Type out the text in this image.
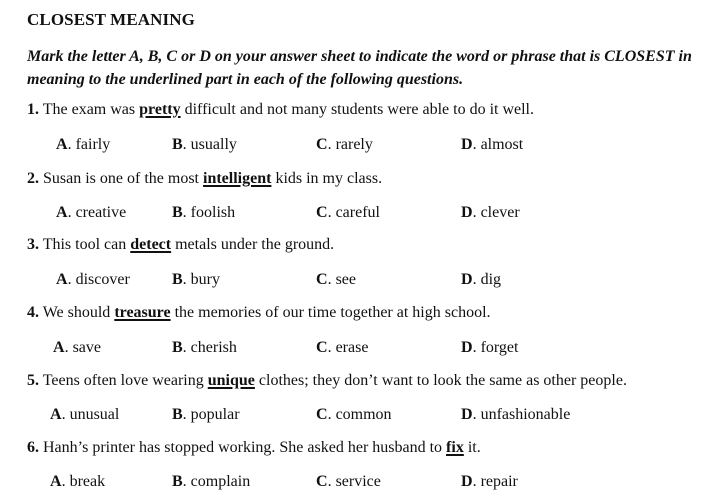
CLOSEST MEANING
Mark the letter A, B, C or D on your answer sheet to indicate the word or phrase that is CLOSEST in meaning to the underlined part in each of the following questions.
1. The exam was pretty difficult and not many students were able to do it well.
A. fairly	B. usually	C. rarely	D. almost
2. Susan is one of the most intelligent kids in my class.
A. creative	B. foolish	C. careful	D. clever
3. This tool can detect metals under the ground.
A. discover	B. bury	C. see	D. dig
4. We should treasure the memories of our time together at high school.
A. save	B. cherish	C. erase	D. forget
5. Teens often love wearing unique clothes; they don’t want to look the same as other people.
A. unusual	B. popular	C. common	D. unfashionable
6. Hanh’s printer has stopped working. She asked her husband to fix it.
A. break	B. complain	C. service	D. repair
